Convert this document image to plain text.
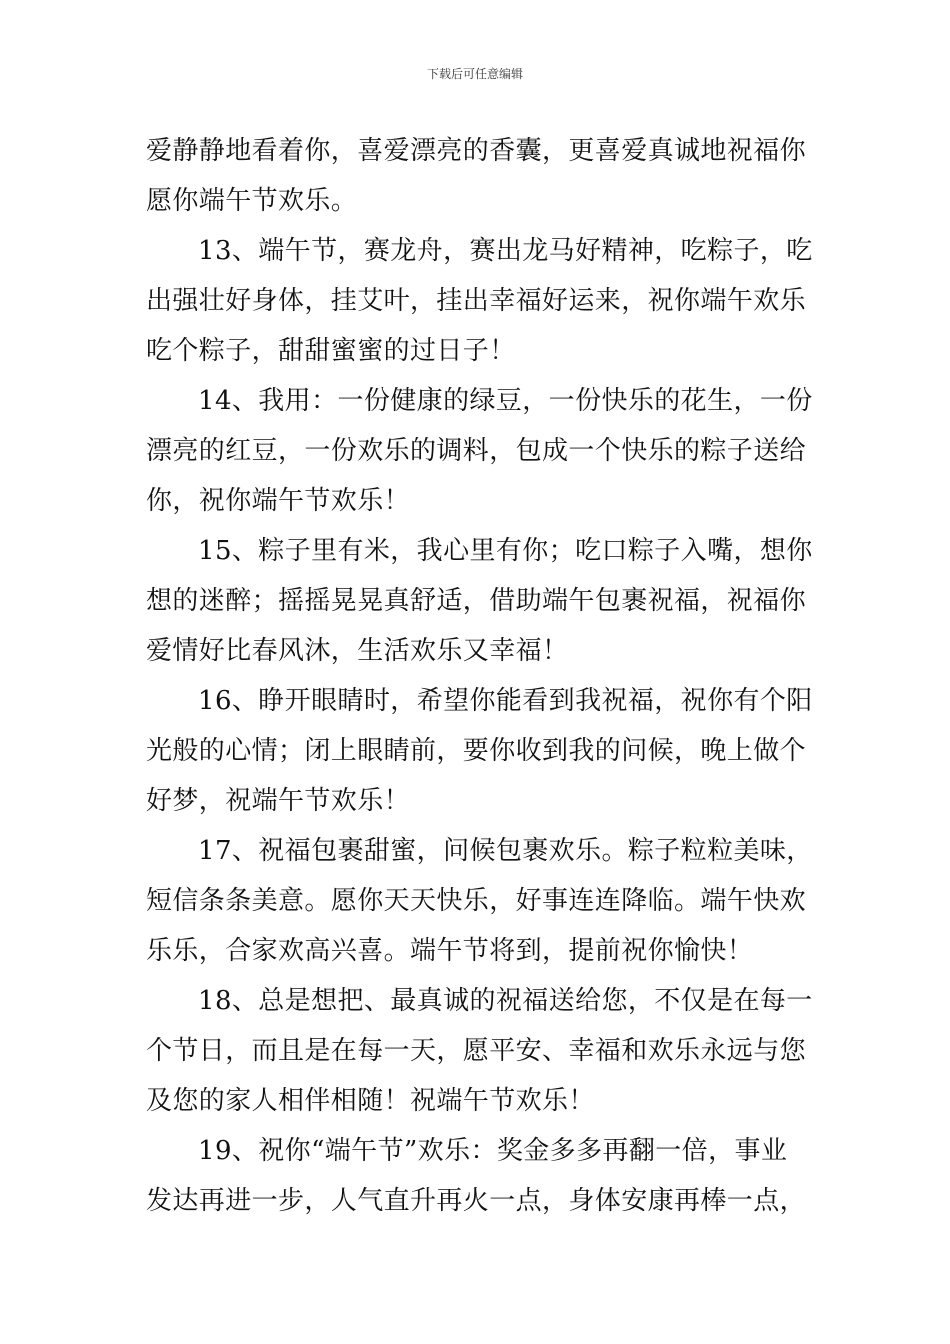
下载后可任意编辑
爱静静地看着你，喜爱漂亮的香囊，更喜爱真诚地祝福你
愿你端午节欢乐。
13、端午节，赛龙舟，赛出龙马好精神，吃粽子，吃
出强壮好身体，挂艾叶，挂出幸福好运来，祝你端午欢乐
吃个粽子，甜甜蜜蜜的过日子！
14、我用：一份健康的绿豆，一份快乐的花生，一份
漂亮的红豆，一份欢乐的调料，包成一个快乐的粽子送给
你，祝你端午节欢乐！
15、粽子里有米，我心里有你；吃口粽子入嘴，想你
想的迷醉；摇摇晃晃真舒适，借助端午包裹祝福，祝福你
爱情好比春风沐，生活欢乐又幸福！
16、睁开眼睛时，希望你能看到我祝福，祝你有个阳
光般的心情；闭上眼睛前，要你收到我的问候，晚上做个
好梦，祝端午节欢乐！
17、祝福包裹甜蜜，问候包裹欢乐。粽子粒粒美味，
短信条条美意。愿你天天快乐，好事连连降临。端午快欢
乐乐，合家欢高兴喜。端午节将到，提前祝你愉快！
18、总是想把、最真诚的祝福送给您，不仅是在每一
个节日，而且是在每一天，愿平安、幸福和欢乐永远与您
及您的家人相伴相随！祝端午节欢乐！
19、祝你“端午节”欢乐：奖金多多再翻一倍，事业
发达再进一步，人气直升再火一点，身体安康再棒一点，
